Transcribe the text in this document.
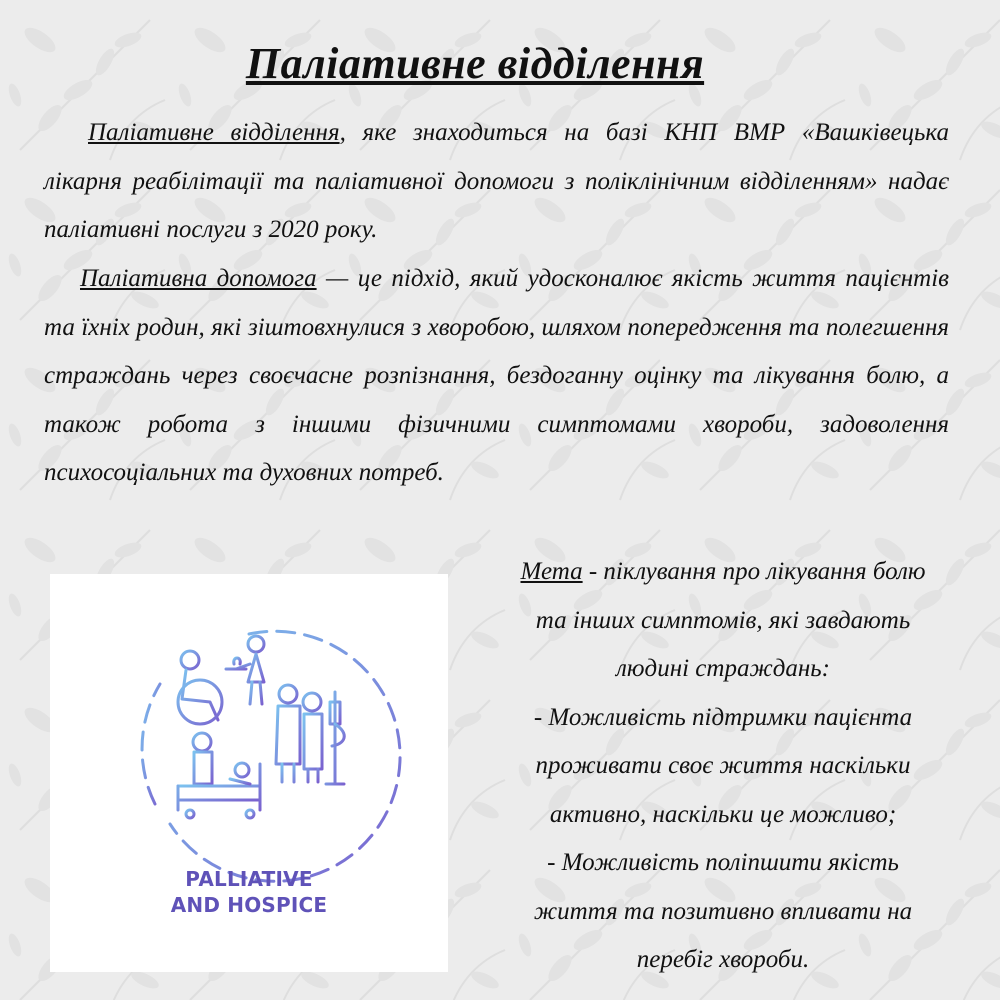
Паліативне відділення

Паліативне відділення, яке знаходиться на базі КНП ВМР «Вашківецька лікарня реабілітації та паліативної допомоги з поліклінічним відділенням» надає паліативні послуги з 2020 року.

Паліативна допомога — це підхід, який удосконалює якість життя пацієнтів та їхніх родин, які зіштовхнулися з хворобою, шляхом попередження та полегшення страждань через своєчасне розпізнання, бездоганну оцінку та лікування болю, а також робота з іншими фізичними симптомами хвороби, задоволення психосоціальних та духовних потреб.

PALLIATIVE
AND HOSPICE
Мета - піклування про лікування болю
та інших симптомів, які завдають
людині страждань:
- Можливість підтримки пацієнта
проживати своє життя наскільки
активно, наскільки це можливо;
- Можливість поліпшити якість
життя та позитивно впливати на
перебіг хвороби.
